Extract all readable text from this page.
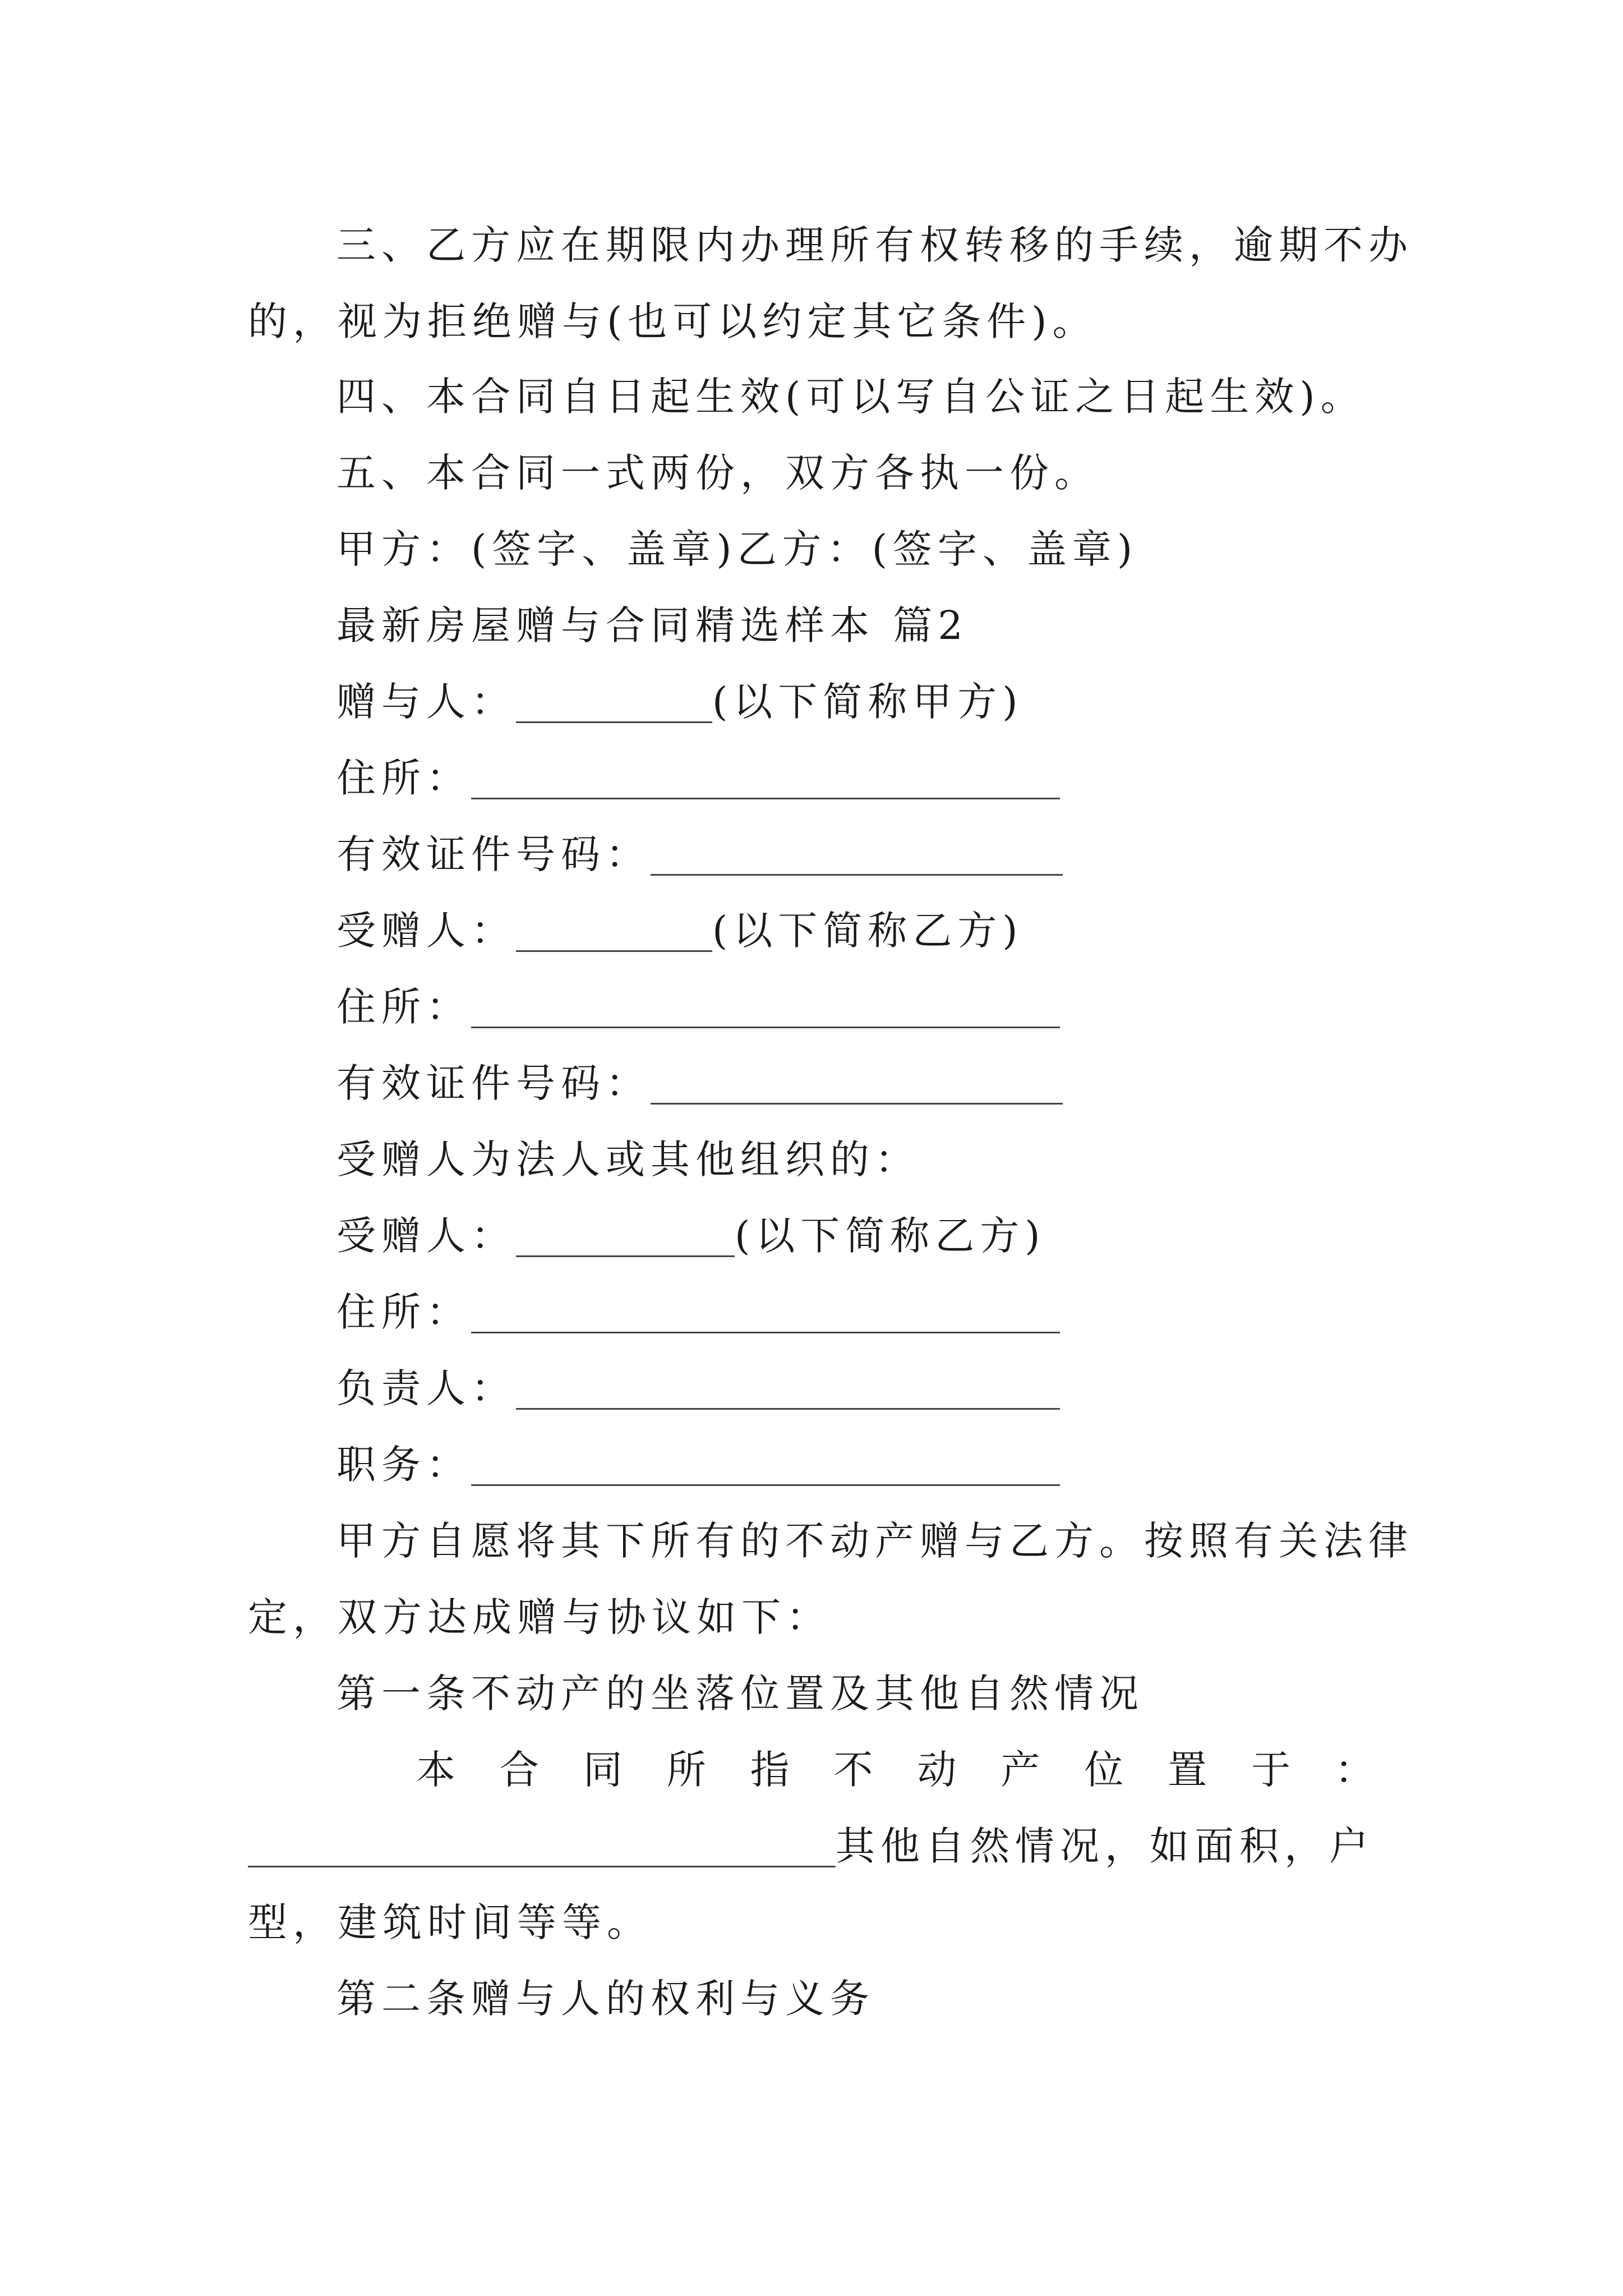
三、乙方应在期限内办理所有权转移的手续，逾期不办
的，视为拒绝赠与(也可以约定其它条件)。
四、本合同自日起生效(可以写自公证之日起生效)。
五、本合同一式两份，双方各执一份。
甲方：(签字、盖章)乙方：(签字、盖章)
最新房屋赠与合同精选样本 篇2
赠与人：	(以下简称甲方)
住所：
有效证件号码：
受赠人：	(以下简称乙方)
住所：
有效证件号码：
受赠人为法人或其他组织的：
受赠人：	(以下简称乙方)
住所：
负责人：
职务：
甲方自愿将其下所有的不动产赠与乙方。按照有关法律
定，双方达成赠与协议如下：
第一条不动产的坐落位置及其他自然情况
本 合 同 所 指 不 动 产 位 置 于 ：
其他自然情况，如面积，户
型，建筑时间等等。
第二条赠与人的权利与义务
